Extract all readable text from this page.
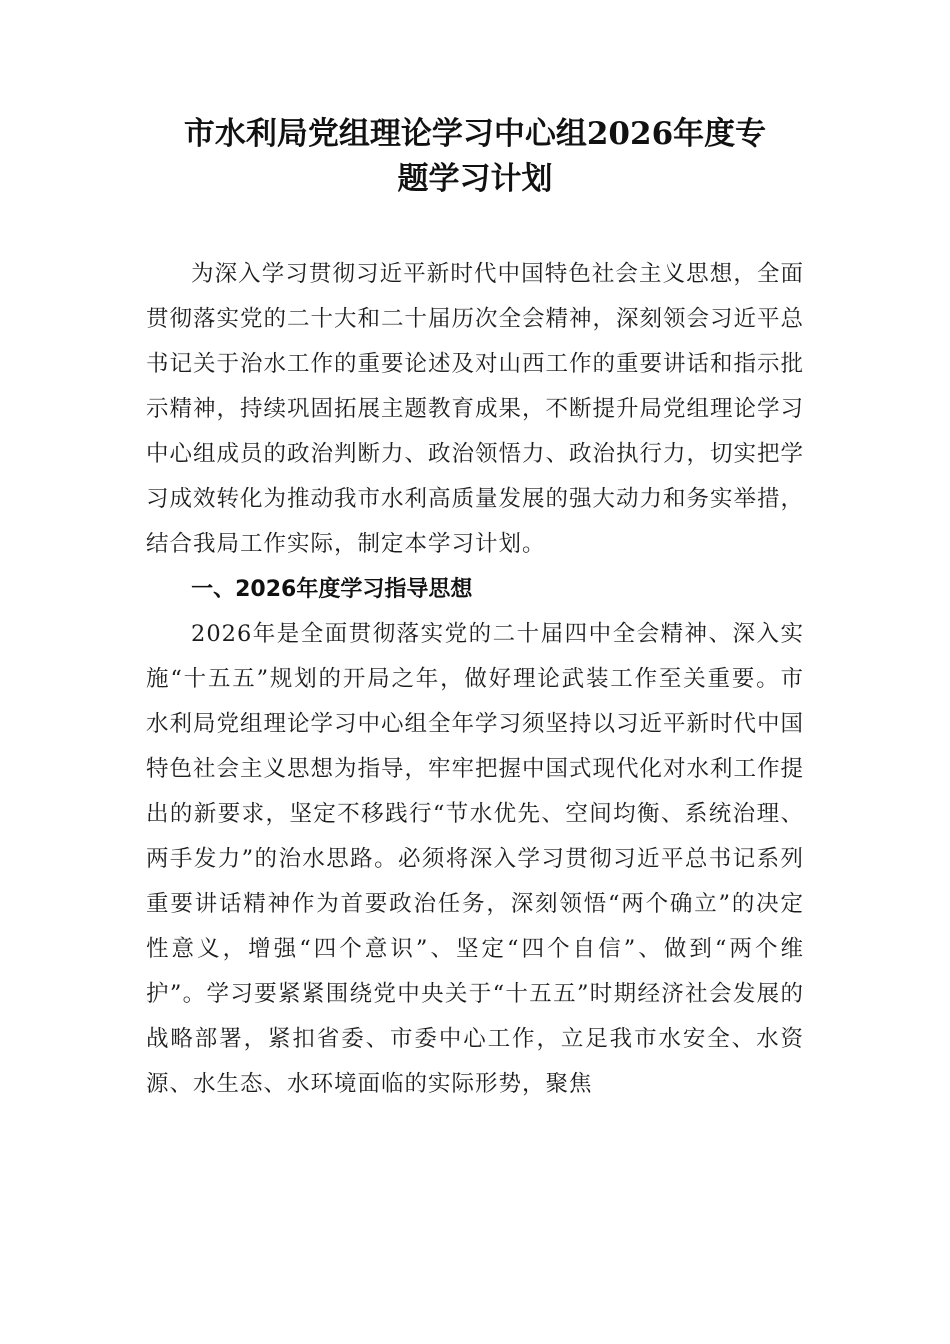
市水利局党组理论学习中心组2026年度专
题学习计划

为深入学习贯彻习近平新时代中国特色社会主义思想，全面贯彻落实党的二十大和二十届历次全会精神，深刻领会习近平总书记关于治水工作的重要论述及对山西工作的重要讲话和指示批示精神，持续巩固拓展主题教育成果，不断提升局党组理论学习中心组成员的政治判断力、政治领悟力、政治执行力，切实把学习成效转化为推动我市水利高质量发展的强大动力和务实举措，结合我局工作实际，制定本学习计划。

一、2026年度学习指导思想

2026年是全面贯彻落实党的二十届四中全会精神、深入实施“十五五”规划的开局之年，做好理论武装工作至关重要。市水利局党组理论学习中心组全年学习须坚持以习近平新时代中国特色社会主义思想为指导，牢牢把握中国式现代化对水利工作提出的新要求，坚定不移践行“节水优先、空间均衡、系统治理、两手发力”的治水思路。必须将深入学习贯彻习近平总书记系列重要讲话精神作为首要政治任务，深刻领悟“两个确立”的决定性意义，增强“四个意识”、坚定“四个自信”、做到“两个维护”。学习要紧紧围绕党中央关于“十五五”时期经济社会发展的战略部署，紧扣省委、市委中心工作，立足我市水安全、水资源、水生态、水环境面临的实际形势，聚焦
